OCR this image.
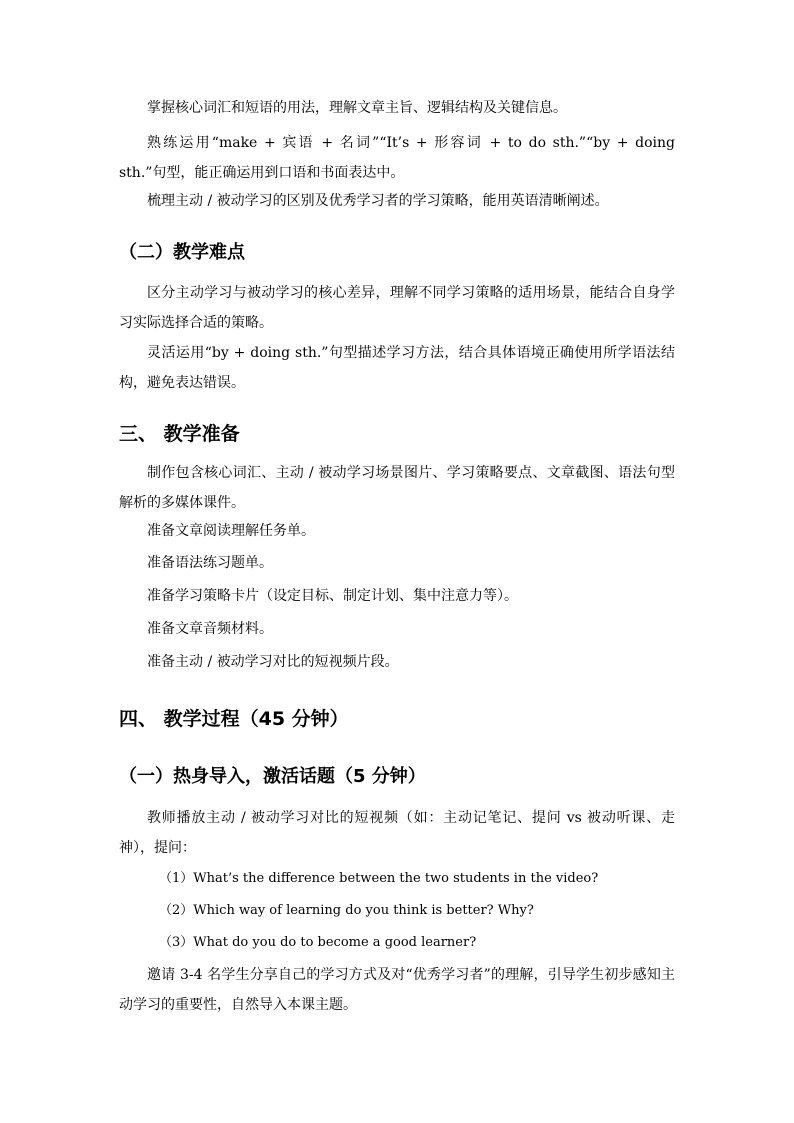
掌握核心词汇和短语的用法，理解文章主旨、逻辑结构及关键信息。

熟练运用“make + 宾语 + 名词”“It’s + 形容词 + to do sth.”“by + doing sth.”句型，能正确运用到口语和书面表达中。

梳理主动 / 被动学习的区别及优秀学习者的学习策略，能用英语清晰阐述。

（二）教学难点

区分主动学习与被动学习的核心差异，理解不同学习策略的适用场景，能结合自身学习实际选择合适的策略。

灵活运用“by + doing sth.”句型描述学习方法，结合具体语境正确使用所学语法结构，避免表达错误。

三、 教学准备

制作包含核心词汇、主动 / 被动学习场景图片、学习策略要点、文章截图、语法句型解析的多媒体课件。

准备文章阅读理解任务单。

准备语法练习题单。

准备学习策略卡片（设定目标、制定计划、集中注意力等）。

准备文章音频材料。

准备主动 / 被动学习对比的短视频片段。

四、 教学过程（45 分钟）
（一）热身导入，激活话题（5 分钟）

教师播放主动 / 被动学习对比的短视频（如：主动记笔记、提问 vs 被动听课、走神），提问：

（1）What’s the difference between the two students in the video?

（2）Which way of learning do you think is better? Why?

（3）What do you do to become a good learner?

邀请 3-4 名学生分享自己的学习方式及对“优秀学习者”的理解，引导学生初步感知主动学习的重要性，自然导入本课主题。
